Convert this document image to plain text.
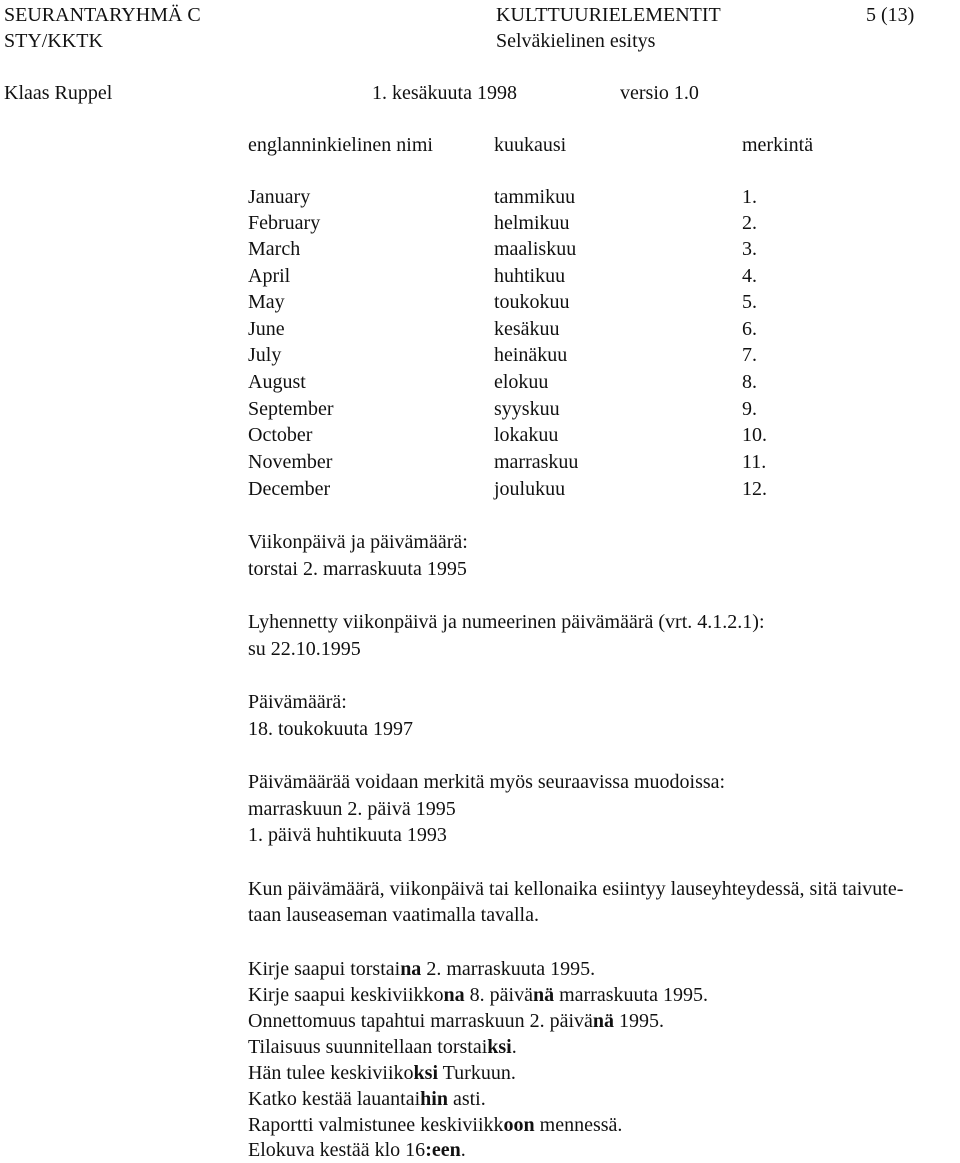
SEURANTARYHMÄ C
STY/KKTK
KULTTUURIELEMENTIT
Selväkielinen esitys
5 (13)
Klaas Ruppel	1. kesäkuuta 1998	versio 1.0
englanninkielinen nimi	kuukausi	merkintä
January	tammikuu	1.
February	helmikuu	2.
March	maaliskuu	3.
April	huhtikuu	4.
May	toukokuu	5.
June	kesäkuu	6.
July	heinäkuu	7.
August	elokuu	8.
September	syyskuu	9.
October	lokakuu	10.
November	marraskuu	11.
December	joulukuu	12.
Viikonpäivä ja päivämäärä:
torstai 2. marraskuuta 1995
Lyhennetty viikonpäivä ja numeerinen päivämäärä (vrt. 4.1.2.1):
su 22.10.1995
Päivämäärä:
18. toukokuuta 1997
Päivämäärää voidaan merkitä myös seuraavissa muodoissa:
marraskuun 2. päivä 1995
1. päivä huhtikuuta 1993
Kun päivämäärä, viikonpäivä tai kellonaika esiintyy lauseyhteydessä, sitä taivute-
taan lauseaseman vaatimalla tavalla.
Kirje saapui torstaina 2. marraskuuta 1995.
Kirje saapui keskiviikkona 8. päivänä marraskuuta 1995.
Onnettomuus tapahtui marraskuun 2. päivänä 1995.
Tilaisuus suunnitellaan torstaiksi.
Hän tulee keskiviikoksi Turkuun.
Katko kestää lauantaihin asti.
Raportti valmistunee keskiviikkoon mennessä.
Elokuva kestää klo 16:een.
